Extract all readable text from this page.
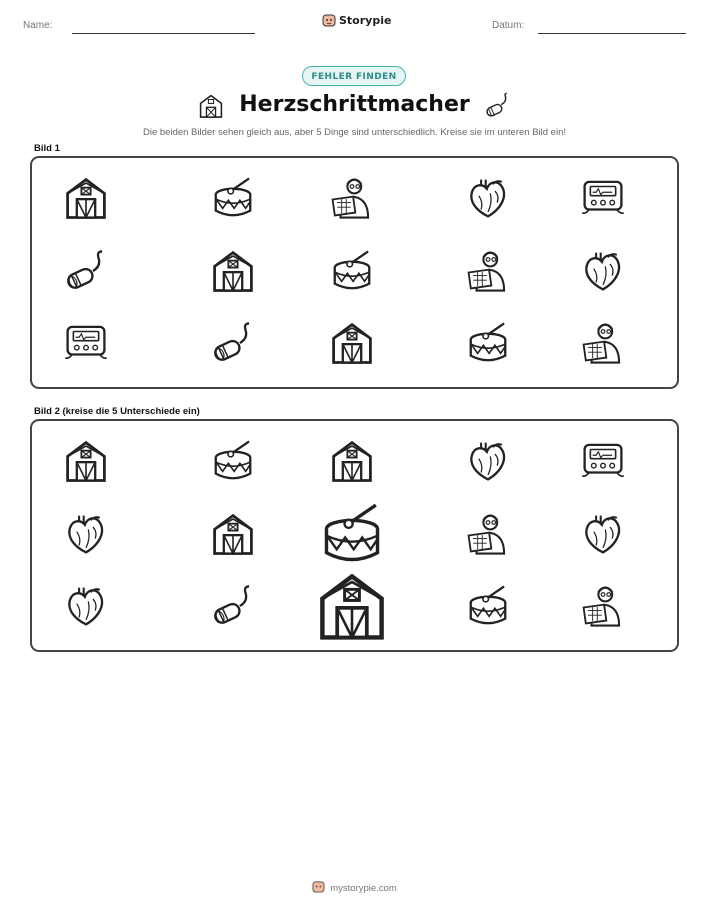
Name:	Storypie	Datum:
FEHLER FINDEN
Herzschrittmacher
Die beiden Bilder sehen gleich aus, aber 5 Dinge sind unterschiedlich. Kreise sie im unteren Bild ein!
Bild 1
Bild 2 (kreise die 5 Unterschiede ein)
mystorypie.com
